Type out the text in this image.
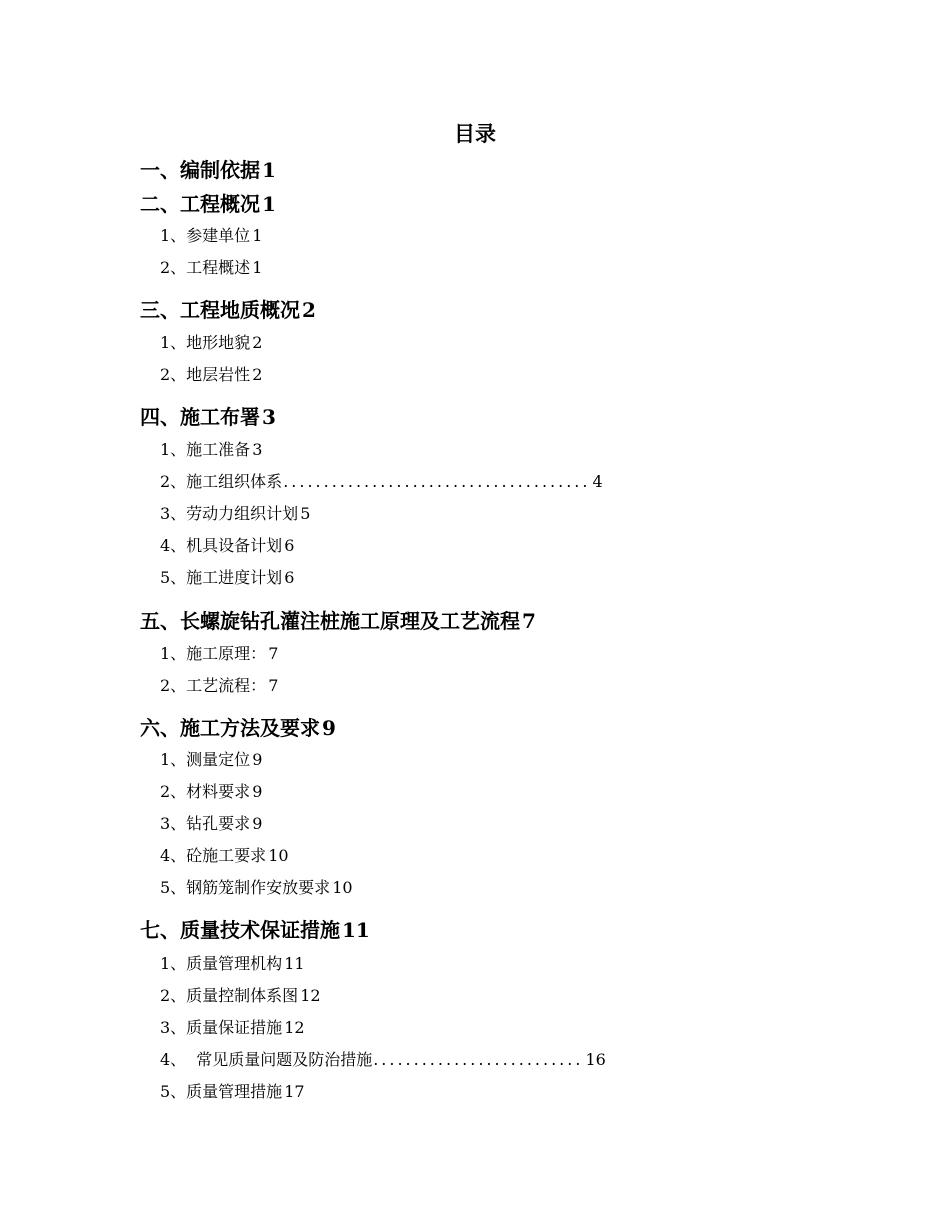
目录
一、编制依据 1
二、工程概况 1
1、参建单位 1
2、工程概述 1
三、工程地质概况 2
1、地形地貌 2
2、地层岩性 2
四、施工布署 3
1、施工准备 3
2、施工组织体系...................................... 4
3、劳动力组织计划 5
4、机具设备计划 6
5、施工进度计划 6
五、长螺旋钻孔灌注桩施工原理及工艺流程 7
1、施工原理： 7
2、工艺流程： 7
六、施工方法及要求 9
1、测量定位 9
2、材料要求 9
3、钻孔要求 9
4、砼施工要求 10
5、钢筋笼制作安放要求 10
七、质量技术保证措施 11
1、质量管理机构 11
2、质量控制体系图 12
3、质量保证措施 12
4、 常见质量问题及防治措施.......................... 16
5、质量管理措施 17
